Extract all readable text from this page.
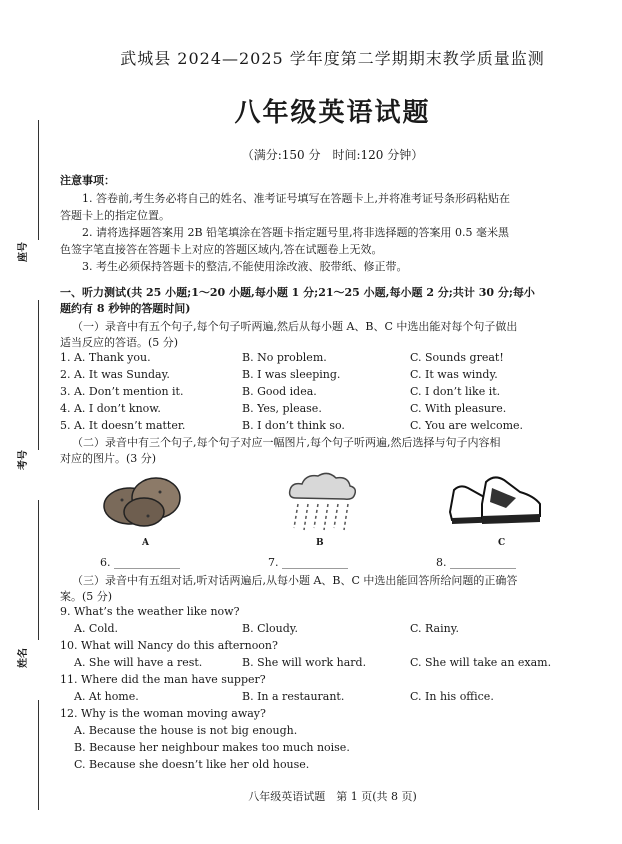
座号
考号
姓名
武城县 2024—2025 学年度第二学期期末教学质量监测
八年级英语试题
（满分:150 分　时间:120 分钟）
注意事项：
1. 答卷前,考生务必将自己的姓名、准考证号填写在答题卡上,并将准考证号条形码粘贴在
答题卡上的指定位置。
2. 请将选择题答案用 2B 铅笔填涂在答题卡指定题号里,将非选择题的答案用 0.5 毫米黑
色签字笔直接答在答题卡上对应的答题区域内,答在试题卷上无效。
3. 考生必须保持答题卡的整洁,不能使用涂改液、胶带纸、修正带。
一、听力测试(共 25 小题;1～20 小题,每小题 1 分;21～25 小题,每小题 2 分;共计 30 分;每小
题约有 8 秒钟的答题时间)
（一）录音中有五个句子,每个句子听两遍,然后从每小题 A、B、C 中选出能对每个句子做出
适当反应的答语。(5 分)
1. A. Thank you.	B. No problem.	C. Sounds great!
2. A. It was Sunday.	B. I was sleeping.	C. It was windy.
3. A. Don’t mention it.	B. Good idea.	C. I don’t like it.
4. A. I don’t know.	B. Yes, please.	C. With pleasure.
5. A. It doesn’t matter.	B. I don’t think so.	C. You are welcome.
（二）录音中有三个句子,每个句子对应一幅图片,每个句子听两遍,然后选择与句子内容相
对应的图片。(3 分)
A	B	C
6. ____________	7. ____________	8. ____________
（三）录音中有五组对话,听对话两遍后,从每小题 A、B、C 中选出能回答所给问题的正确答
案。(5 分)
9. What’s the weather like now?
A. Cold.	B. Cloudy.	C. Rainy.
10. What will Nancy do this afternoon?
A. She will have a rest.	B. She will work hard.	C. She will take an exam.
11. Where did the man have supper?
A. At home.	B. In a restaurant.	C. In his office.
12. Why is the woman moving away?
A. Because the house is not big enough.
B. Because her neighbour makes too much noise.
C. Because she doesn’t like her old house.
八年级英语试题　第 1 页(共 8 页)
